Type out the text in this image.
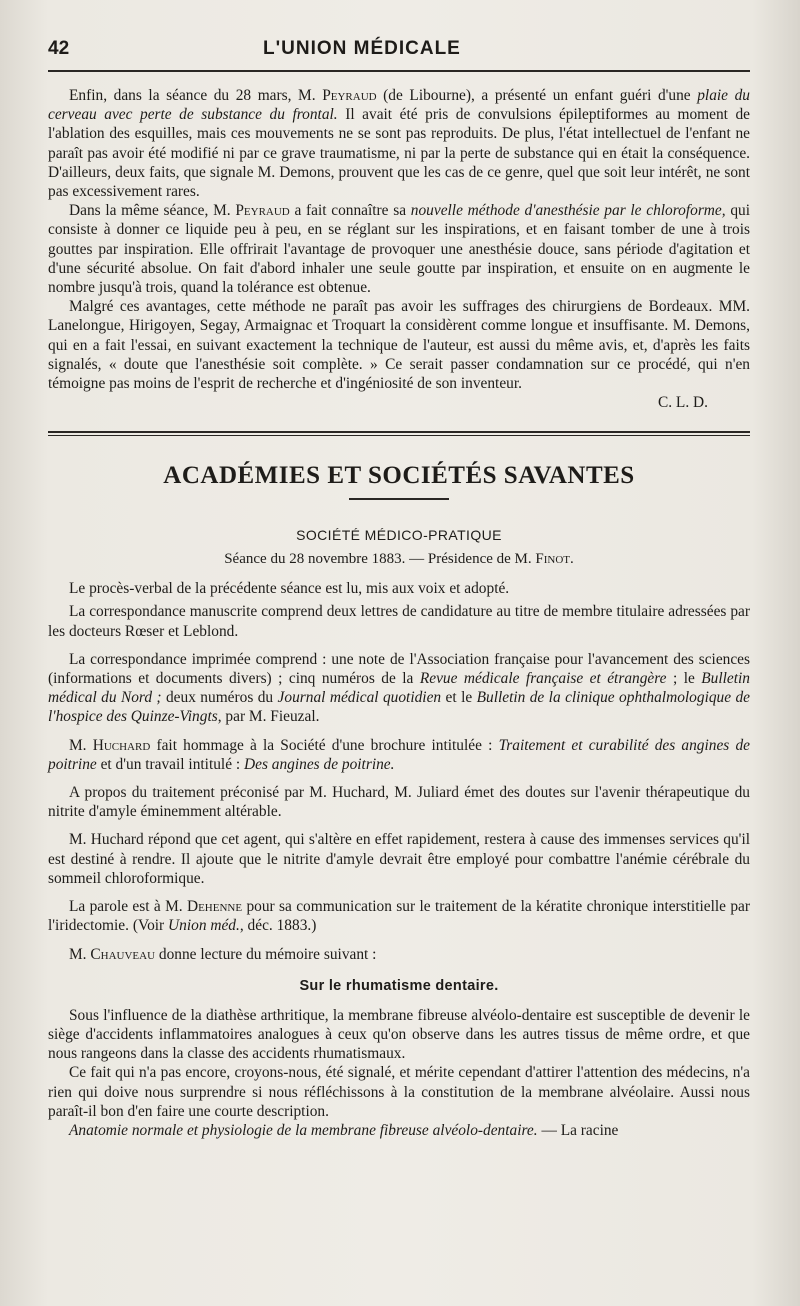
42	L'UNION MÉDICALE

Enfin, dans la séance du 28 mars, M. Peyraud (de Libourne), a présenté un enfant guéri d'une plaie du cerveau avec perte de substance du frontal. Il avait été pris de convulsions épileptiformes au moment de l'ablation des esquilles, mais ces mouvements ne se sont pas reproduits. De plus, l'état intellectuel de l'enfant ne paraît pas avoir été modifié ni par ce grave traumatisme, ni par la perte de substance qui en était la conséquence. D'ailleurs, deux faits, que signale M. Demons, prouvent que les cas de ce genre, quel que soit leur intérêt, ne sont pas excessivement rares.

Dans la même séance, M. Peyraud a fait connaître sa nouvelle méthode d'anesthésie par le chloroforme, qui consiste à donner ce liquide peu à peu, en se réglant sur les inspirations, et en faisant tomber de une à trois gouttes par inspiration. Elle offrirait l'avantage de provoquer une anesthésie douce, sans période d'agitation et d'une sécurité absolue. On fait d'abord inhaler une seule goutte par inspiration, et ensuite on en augmente le nombre jusqu'à trois, quand la tolérance est obtenue.

Malgré ces avantages, cette méthode ne paraît pas avoir les suffrages des chirurgiens de Bordeaux. MM. Lanelongue, Hirigoyen, Segay, Armaignac et Troquart la considèrent comme longue et insuffisante. M. Demons, qui en a fait l'essai, en suivant exactement la technique de l'auteur, est aussi du même avis, et, d'après les faits signalés, « doute que l'anesthésie soit complète. » Ce serait passer condamnation sur ce procédé, qui n'en témoigne pas moins de l'esprit de recherche et d'ingéniosité de son inventeur.

C. L. D.
ACADÉMIES ET SOCIÉTÉS SAVANTES
SOCIÉTÉ MÉDICO-PRATIQUE
Séance du 28 novembre 1883. — Présidence de M. Finot.

Le procès-verbal de la précédente séance est lu, mis aux voix et adopté.

La correspondance manuscrite comprend deux lettres de candidature au titre de membre titulaire adressées par les docteurs Rœser et Leblond.

La correspondance imprimée comprend : une note de l'Association française pour l'avancement des sciences (informations et documents divers) ; cinq numéros de la Revue médicale française et étrangère ; le Bulletin médical du Nord ; deux numéros du Journal médical quotidien et le Bulletin de la clinique ophthalmologique de l'hospice des Quinze-Vingts, par M. Fieuzal.

M. Huchard fait hommage à la Société d'une brochure intitulée : Traitement et curabilité des angines de poitrine et d'un travail intitulé : Des angines de poitrine.

A propos du traitement préconisé par M. Huchard, M. Juliard émet des doutes sur l'avenir thérapeutique du nitrite d'amyle éminemment altérable.

M. Huchard répond que cet agent, qui s'altère en effet rapidement, restera à cause des immenses services qu'il est destiné à rendre. Il ajoute que le nitrite d'amyle devrait être employé pour combattre l'anémie cérébrale du sommeil chloroformique.

La parole est à M. Dehenne pour sa communication sur le traitement de la kératite chronique interstitielle par l'iridectomie. (Voir Union méd., déc. 1883.)

M. Chauveau donne lecture du mémoire suivant :

Sur le rhumatisme dentaire.

Sous l'influence de la diathèse arthritique, la membrane fibreuse alvéolo-dentaire est susceptible de devenir le siège d'accidents inflammatoires analogues à ceux qu'on observe dans les autres tissus de même ordre, et que nous rangeons dans la classe des accidents rhumatismaux.

Ce fait qui n'a pas encore, croyons-nous, été signalé, et mérite cependant d'attirer l'attention des médecins, n'a rien qui doive nous surprendre si nous réfléchissons à la constitution de la membrane alvéolaire. Aussi nous paraît-il bon d'en faire une courte description.

Anatomie normale et physiologie de la membrane fibreuse alvéolo-dentaire. — La racine
